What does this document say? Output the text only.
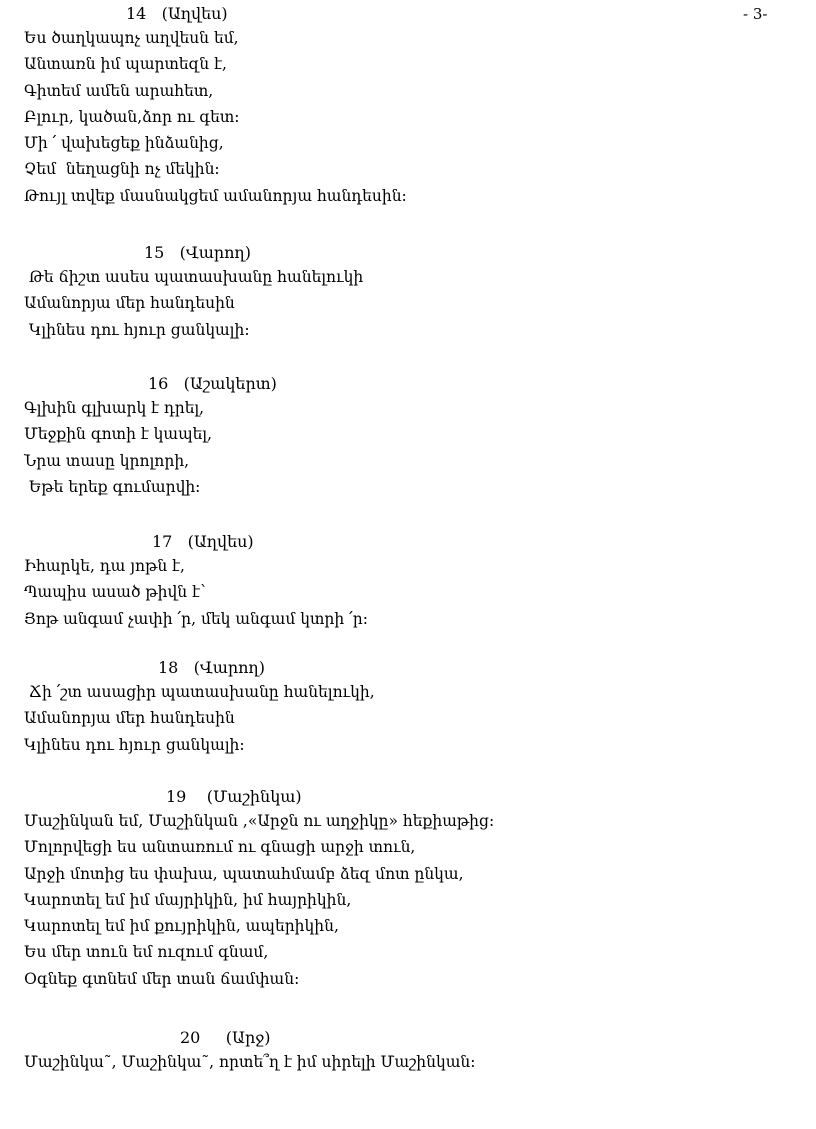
- 3-
14   (Աղվես)
Ես ծաղկապոչ աղվեսն եմ,
Անտառն իմ պարտեզն է,
Գիտեմ ամեն արահետ,
Բլուր, կածան,ձոր ու գետ:
Մի ՛ վախեցեք ինձանից,
Չեմ  նեղացնի ոչ մեկին:
Թույլ տվեք մասնակցեմ ամանորյա հանդեսին:
15   (Վարող)
Թե ճիշտ ասես պատասխանը հանելուկի
Ամանորյա մեր հանդեսին
Կլինես դու հյուր ցանկալի:
16   (Աշակերտ)
Գլխին գլխարկ է դրել,
Մեջքին գոտի է կապել,
Նրա տասը կրոլորի,
Եթե երեք գումարվի:
17   (Աղվես)
Իհարկե, դա յոթն է,
Պապիս ասած թիվն է`
Յոթ անգամ չափի ՛ր, մեկ անգամ կտրի ՛ր:
18   (Վարող)
Ճի ՛շտ ասացիր պատասխանը հանելուկի,
Ամանորյա մեր հանդեսին
Կլինես դու հյուր ցանկալի:
19    (Մաշինկա)
Մաշինկան եմ, Մաշինկան ,«Արջն ու աղջիկը» հեքիաթից:
Մոլորվեցի ես անտառում ու գնացի արջի տուն,
Արջի մոտից ես փախա, պատահմամբ ձեզ մոտ ընկա,
Կարոտել եմ իմ մայրիկին, իմ հայրիկին,
Կարոտել եմ իմ քույրիկին, ապերիկին,
Ես մեր տուն եմ ուզում գնամ,
Օգնեք գտնեմ մեր տան ճամփան:
20     (Արջ)
Մաշինկա˜, Մաշինկա˜, որտե՞ղ է իմ սիրելի Մաշինկան:
